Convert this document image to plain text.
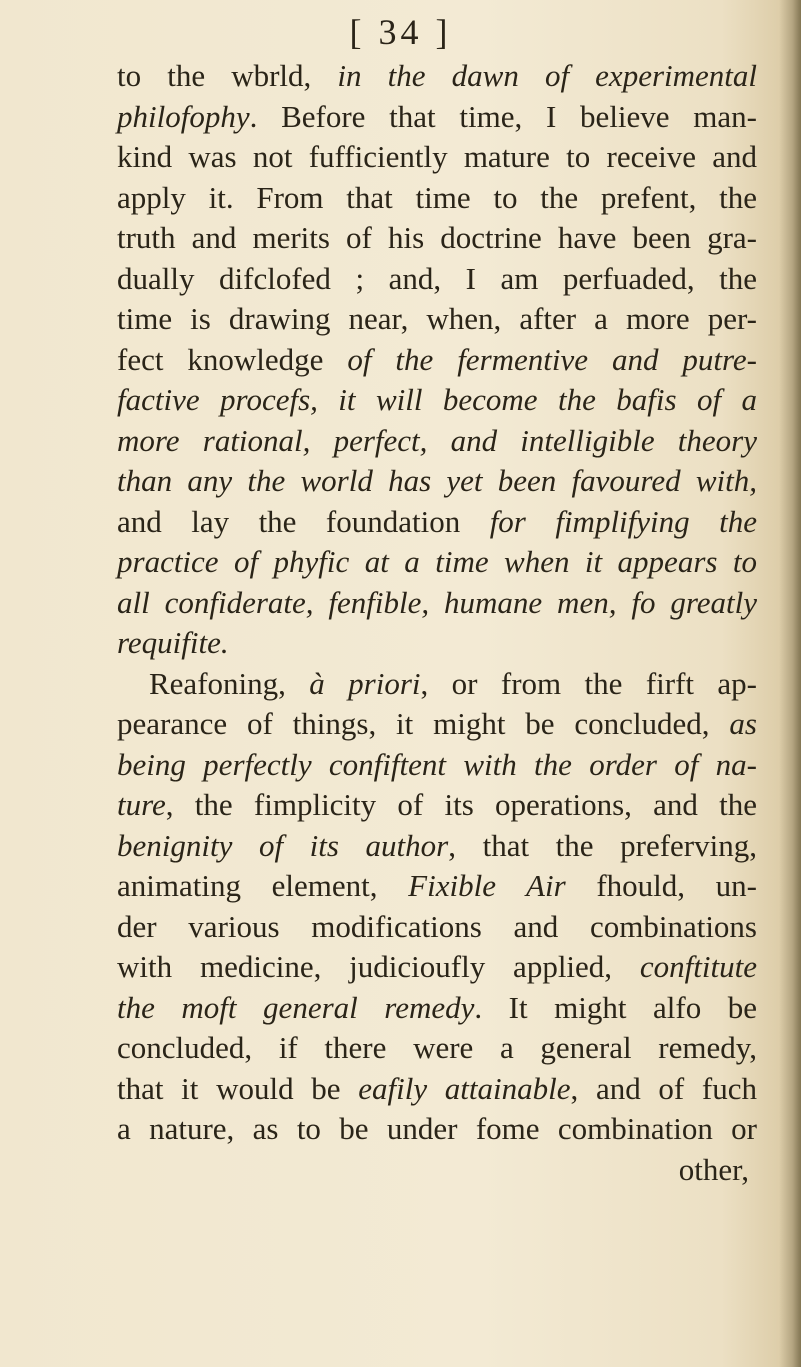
[ 34 ]
to the wbrld, in the dawn of experimental
philofophy. Before that time, I believe man-
kind was not fufficiently mature to receive and
apply it. From that time to the prefent, the
truth and merits of his doctrine have been gra-
dually difclofed ; and, I am perfuaded, the
time is drawing near, when, after a more per-
fect knowledge of the fermentive and putre-
factive procefs, it will become the bafis of a
more rational, perfect, and intelligible theory
than any the world has yet been favoured with,
and lay the foundation for fimplifying the
practice of phyfic at a time when it appears to
all confiderate, fenfible, humane men, fo greatly
requifite.
Reafoning, à priori, or from the firft ap-
pearance of things, it might be concluded, as
being perfectly confiftent with the order of na-
ture, the fimplicity of its operations, and the
benignity of its author, that the preferving,
animating element, Fixible Air fhould, un-
der various modifications and combinations
with medicine, judicioufly applied, conftitute
the moft general remedy. It might alfo be
concluded, if there were a general remedy,
that it would be eafily attainable, and of fuch
a nature, as to be under fome combination or
other,
